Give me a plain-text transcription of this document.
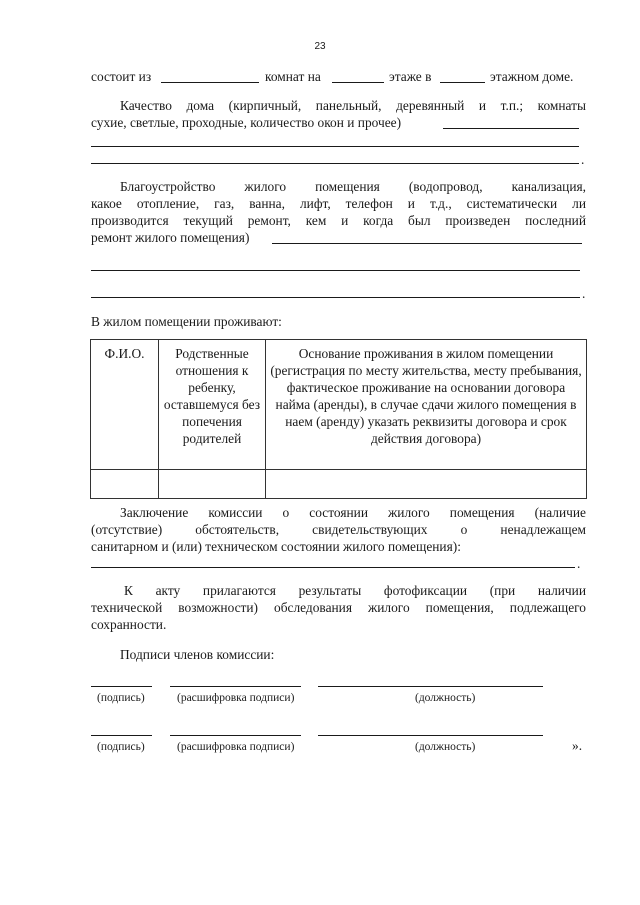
23
состоит из	комнат на	этаже в	этажном доме.
Качество дома (кирпичный, панельный, деревянный и т.п.; комнаты
сухие, светлые, проходные, количество окон и прочее)
.
Благоустройство жилого помещения (водопровод, канализация,
какое отопление, газ, ванна, лифт, телефон и т.д., систематически ли
производится текущий ремонт, кем и когда был произведен последний
ремонт жилого помещения)
.
В жилом помещении проживают:
Ф.И.О.	Родственные отношения к ребенку, оставшемуся без попечения родителей	Основание проживания в жилом помещении (регистрация по месту жительства, месту пребывания, фактическое проживание на основании договора найма (аренды), в случае сдачи жилого помещения в наем (аренду) указать реквизиты договора и срок действия договора)

Заключение комиссии о состоянии жилого помещения (наличие
(отсутствие) обстоятельств, свидетельствующих о ненадлежащем
санитарном и (или) техническом состоянии жилого помещения):
.
К акту прилагаются результаты фотофиксации (при наличии
технической возможности) обследования жилого помещения, подлежащего
сохранности.
Подписи членов комиссии:
(подпись)	(расшифровка подписи)	(должность)
(подпись)	(расшифровка подписи)	(должность)	».
